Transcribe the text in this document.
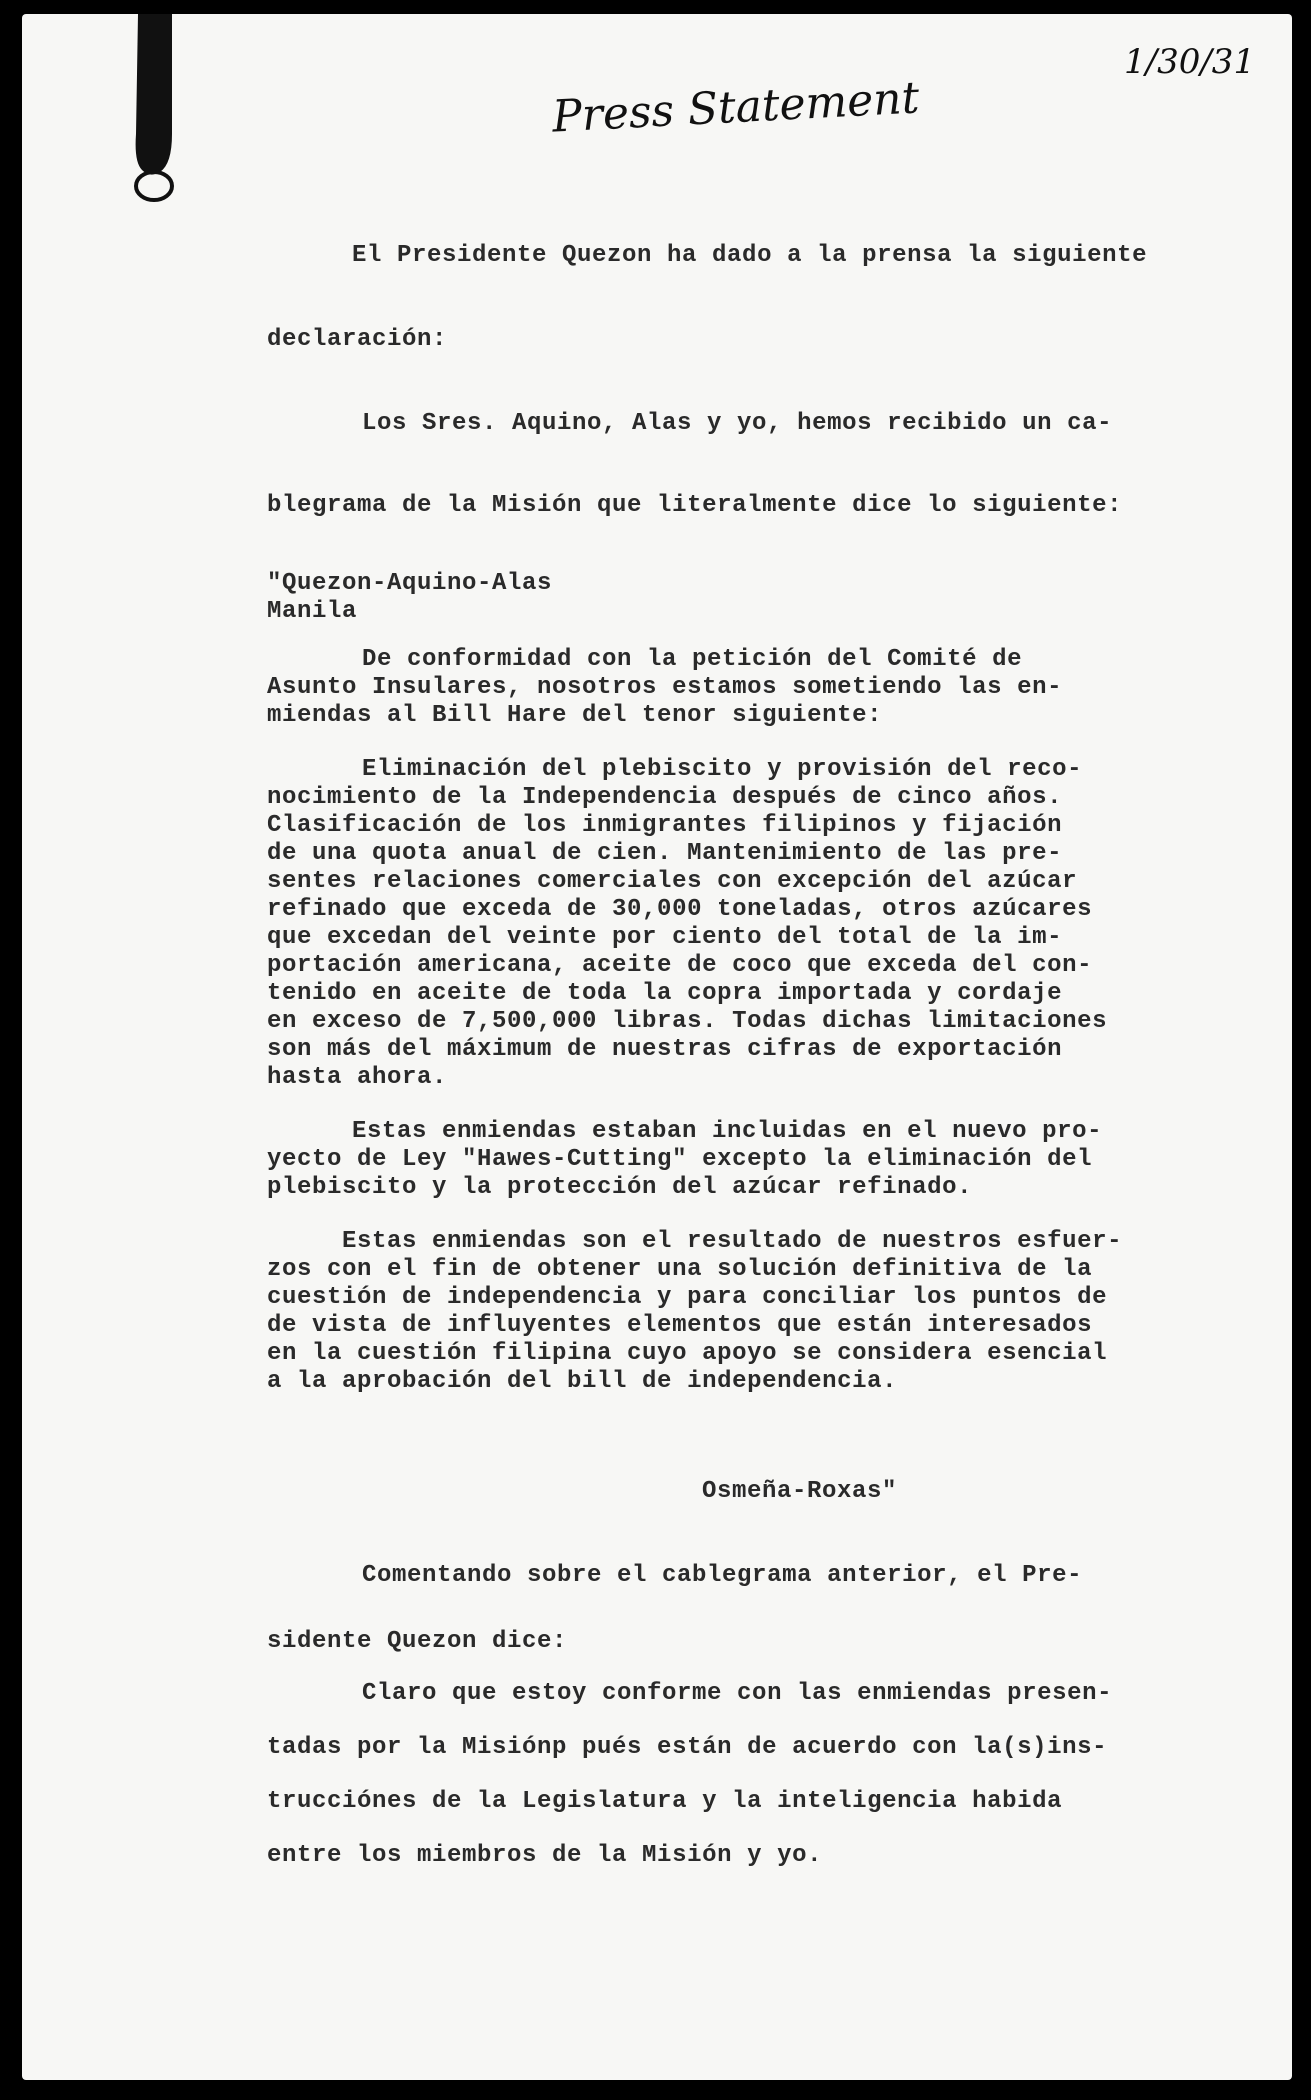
Press Statement
1/30/31
El Presidente Quezon ha dado a la prensa la siguiente
declaración:
Los Sres. Aquino, Alas y yo, hemos recibido un ca-
blegrama de la Misión que literalmente dice lo siguiente:
"Quezon-Aquino-Alas
Manila
De conformidad con la petición del Comité de
Asunto Insulares, nosotros estamos sometiendo las en-
miendas al Bill Hare del tenor siguiente:
Eliminación del plebiscito y provisión del reco-
nocimiento de la Independencia después de cinco años.
Clasificación de los inmigrantes filipinos y fijación
de una quota anual de cien. Mantenimiento de las pre-
sentes relaciones comerciales con excepción del azúcar
refinado que exceda de 30,000 toneladas, otros azúcares
que excedan del veinte por ciento del total de la im-
portación americana, aceite de coco que exceda del con-
tenido en aceite de toda la copra importada y cordaje
en exceso de 7,500,000 libras. Todas dichas limitaciones
son más del máximum de nuestras cifras de exportación
hasta ahora.
Estas enmiendas estaban incluidas en el nuevo pro-
yecto de Ley "Hawes-Cutting" excepto la eliminación del
plebiscito y la protección del azúcar refinado.
Estas enmiendas son el resultado de nuestros esfuer-
zos con el fin de obtener una solución definitiva de la
cuestión de independencia y para conciliar los puntos de
de vista de influyentes elementos que están interesados
en la cuestión filipina cuyo apoyo se considera esencial
a la aprobación del bill de independencia.
Osmeña-Roxas"
Comentando sobre el cablegrama anterior, el Pre-
sidente Quezon dice:
Claro que estoy conforme con las enmiendas presen-
tadas por la Misiónp pués están de acuerdo con la(s)ins-
trucciónes de la Legislatura y la inteligencia habida
entre los miembros de la Misión y yo.
